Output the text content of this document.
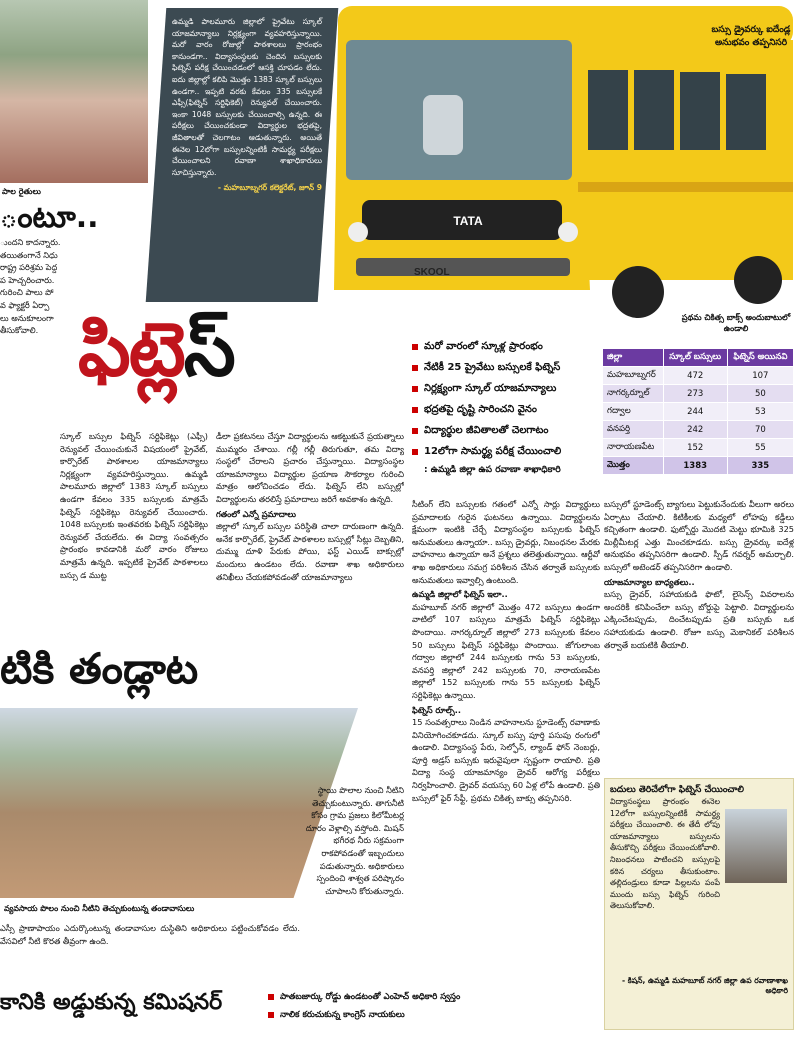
పాల రైతులు
ంటూ..
ుందని కాదన్నారు.
తయితంగానే నిధు
రాష్ట్ర పరిశ్రమ పెద్ద
ప హెచ్చరించారు.
గురించి పాలు పో
వ ఫ్యాక్టరీ ఏర్పా
లు అనుకూలంగా
తీసుకోవాలి.
ఉమ్మడి పాలమూరు జిల్లాలో ప్రైవేటు స్కూల్ యాజమాన్యాలు నిర్లక్ష్యంగా వ్యవహరిస్తున్నాయి. మరో వారం రోజుల్లో పాఠశాలలు ప్రారంభం కానుండగా.. విద్యాసంస్థలకు చెందిన బస్సులకు ఫిట్నెస్ పరీక్ష చేయించడంలో ఆసక్తి చూపడం లేదు. ఐదు జిల్లాల్లో కలిపి మొత్తం 1383 స్కూల్ బస్సులు ఉండగా.. ఇప్పటి వరకు కేవలం 335 బస్సులకే ఎఫ్సీ(ఫిట్నెస్ సర్టిఫికెట్) రెన్యువల్ చేయించారు. ఇంకా 1048 బస్సులకు చేయించాల్సి ఉన్నది. ఈ పరీక్షలు చేయించకుండా విద్యార్థుల భద్రతపై, జీవితాలతో చెలగాటం ఆడుతున్నారు. అయితే ఈనెల 12లోగా బస్సులన్నింటికీ సామర్థ్య పరీక్షలు చేయించాలని రవాణా శాఖాధికారులు సూచిస్తున్నారు.
- మహబూబ్నగర్ కలెక్టరేట్, జూన్ 9
TATA
SKOOL
బస్సు డ్రైవర్కు ఐదేండ్ల అనుభవం తప్పనిసరి
ప్రథమ చికిత్స బాక్స్ అందుబాటులో ఉండాలి
ఫిట్లెస్	మరో వారంలో స్కూళ్ల ప్రారంభం
నేటికీ 25 ప్రైవేటు బస్సులకే ఫిట్నెస్
నిర్లక్ష్యంగా స్కూల్ యాజమాన్యాలు
భద్రతపై దృష్టి సారించని వైనం
విద్యార్థుల జీవితాలతో చెలగాటం
12లోగా సామర్థ్య పరీక్ష చేయించాలి
: ఉమ్మడి జిల్లా ఉప రవాణా శాఖాధికారి
జిల్లా	స్కూల్ బస్సులు	ఫిట్నెస్ అయినవి
మహబూబ్నగర్	472	107
నాగర్కర్నూల్	273	50
గద్వాల	244	53
వనపర్తి	242	70
నారాయణపేట	152	55
మొత్తం	1383	335
స్కూల్ బస్సుల ఫిట్నెస్ సర్టిఫికెట్లు (ఎఫ్సీ) రెన్యువల్ చేయించుకునే విషయంలో ప్రైవేట్, కార్పొరేట్ పాఠశాలల యాజమాన్యాలు నిర్లక్ష్యంగా వ్యవహరిస్తున్నాయి. ఉమ్మడి పాలమూరు జిల్లాలో 1383 స్కూల్ బస్సులు ఉండగా కేవలం 335 బస్సులకు మాత్రమే ఫిట్నెస్ సర్టిఫికెట్లు రెన్యువల్ చేయించారు. 1048 బస్సులకు ఇంతవరకు ఫిట్నెస్ సర్టిఫికెట్లు రెన్యువల్ చేయలేదు. ఈ విద్యా సంవత్సరం ప్రారంభం కావడానికి మరో వారం రోజులు మాత్రమే ఉన్నది. ఇప్పటికే ప్రైవేట్ పాఠశాలలు బస్సు డ ముట్ట
డీలా ప్రకటనలు చేస్తూ విద్యార్థులను ఆకట్టుకునే ప్రయత్నాలు ముమ్మరం చేశాయి. గల్లీ గల్లీ తిరుగుతూ, తమ విద్యా సంస్థలో చేరాలని ప్రచారం చేస్తున్నాయి. విద్యాసంస్థల యాజమాన్యాలు విద్యార్థుల ప్రయాణ సౌకర్యాల గురించి మాత్రం ఆలోచించడం లేదు. ఫిట్నెస్ లేని బస్సుల్లో విద్యార్థులను తరలిస్తే ప్రమాదాలు జరిగే అవకాశం ఉన్నది.
గతంలో ఎన్నో ప్రమాదాలు
జిల్లాలో స్కూల్ బస్సుల పరిస్థితి చాలా దారుణంగా ఉన్నది. అనేక కార్పొరేట్, ప్రైవేట్ పాఠశాలల బస్సుల్లో సీట్లు దెబ్బతిని, దుమ్ము దూళి పేరుకు పోయి, ఫస్ట్ ఎయిడ్ బాక్సుల్లో మందులు ఉండటం లేదు. రవాణా శాఖ అధికారులు తనిఖీలు చేయకపోవడంతో యాజమాన్యాలు
సీటింగ్ లేని బస్సులకు గతంలో ఎన్నో సార్లు విద్యార్థులు ప్రమాదాలకు గురైన ఘటనలు ఉన్నాయి. విద్యార్థులను క్షేమంగా ఇంటికి చేర్చే విద్యాసంస్థల బస్సులకు ఫిట్నెస్ అనుమతులు ఉన్నాయా.. బస్సు డ్రైవర్లు, నిబంధనల మేరకు వాహనాలు ఉన్నాయా అనే ప్రశ్నలు తలెత్తుతున్నాయి. ఆర్టీవో శాఖ అధికారులు సమగ్ర పరిశీలన చేసిన తర్వాతే బస్సులకు అనుమతులు ఇవ్వాల్సి ఉంటుంది.
ఉమ్మడి జిల్లాలో ఫిట్నెస్ ఇలా..
మహబూబ్ నగర్ జిల్లాలో మొత్తం 472 బస్సులు ఉండగా వాటిలో 107 బస్సులు మాత్రమే ఫిట్నెస్ సర్టిఫికెట్లు పొందాయి. నాగర్కర్నూల్ జిల్లాలో 273 బస్సులకు కేవలం 50 బస్సులు ఫిట్నెస్ సర్టిఫికెట్లు పొందాయి. జోగులాంబ గద్వాల జిల్లాలో 244 బస్సులకు గాను 53 బస్సులకు, వనపర్తి జిల్లాలో 242 బస్సులకు 70, నారాయణపేట జిల్లాలో 152 బస్సులకు గాను 55 బస్సులకు ఫిట్నెస్ సర్టిఫికెట్లు ఉన్నాయి.
ఫిట్నెస్ రూల్స్..
15 సంవత్సరాలు నిండిన వాహనాలను స్టూడెంట్స్ రవాణాకు వినియోగించకూడదు. స్కూల్ బస్సు పూర్తి పసుపు రంగులో ఉండాలి. విద్యాసంస్థ పేరు, సెల్ఫోన్, ల్యాండ్ ఫోన్ నెంబర్లు, పూర్తి అడ్రస్ బస్సుకు ఇరువైపులా స్పష్టంగా రాయాలి. ప్రతి విద్యా సంస్థ యాజమాన్యం డ్రైవర్ ఆరోగ్య పరీక్షలు నిర్వహించాలి. డ్రైవర్ వయస్సు 60 ఏళ్ల లోపే ఉండాలి. ప్రతి బస్సులో ఫైర్ సేఫ్టీ, ప్రథమ చికిత్స బాక్సు తప్పనిసరి.
బస్సులో స్టూడెంట్స్ బ్యాగులు పెట్టుకునేందుకు వీలుగా అరలు ఏర్పాటు చేయాలి. కిటికీలకు మధ్యలో లోహపు కడ్డీలు కచ్చితంగా ఉండాలి. ఫుట్బోర్డు మొదటి మెట్టు భూమికి 325 మిల్లీమీటర్ల ఎత్తు మించకూడదు. బస్సు డ్రైవర్కు ఐదేళ్ల అనుభవం తప్పనిసరిగా ఉండాలి. స్పీడ్ గవర్నర్ అమర్చాలి. బస్సులో అటెండర్ తప్పనిసరిగా ఉండాలి.
యాజమాన్యాల బాధ్యతలు..
బస్సు డ్రైవర్, సహాయకుడి ఫొటో, లైసెన్స్ వివరాలను అందరికీ కనిపించేలా బస్సు బోర్డుపై పెట్టాలి. విద్యార్థులను ఎక్కించేటప్పుడు, దించేటప్పుడు ప్రతి బస్సుకు ఒక సహాయకుడు ఉండాలి. రోజూ బస్సు మెకానికల్ పరిశీలన తర్వాతే బయటికి తీయాలి.
బదులు తెరిచేలోగా ఫిట్నెస్ చేయించాలి
విద్యాసంస్థలు ప్రారంభం ఈనెల 12లోగా బస్సులన్నింటికీ సామర్థ్య పరీక్షలు చేయించాలి. ఈ తేదీ లోపు యాజమాన్యాలు బస్సులను తీసుకొచ్చి పరీక్షలు చేయించుకోవాలి. నిబంధనలు పాటించని బస్సులపై కఠిన చర్యలు తీసుకుంటాం. తల్లిదండ్రులు కూడా పిల్లలను పంపే ముందు బస్సు ఫిట్నెస్ గురించి తెలుసుకోవాలి.
- కిషన్, ఉమ్మడి మహబూబ్ నగర్ జిల్లా ఉప రవాణాశాఖ అధికారి
టికి తండ్లాట
వ్యవసాయ పొలం నుంచి నీటిని తెచ్చుకుంటున్న తండావాసులు
స్థాయి పొలాల నుంచి నీటిని తెచ్చుకుంటున్నారు. తాగునీటి కోసం గ్రామ ప్రజలు కిలోమీటర్ల దూరం వెళ్లాల్సి వస్తోంది. మిషన్ భగీరథ నీరు సక్రమంగా రాకపోవడంతో ఇబ్బందులు పడుతున్నారు. అధికారులు స్పందించి శాశ్వత పరిష్కారం చూపాలని కోరుతున్నారు.
ఎస్సీ ప్రాణాపాయం ఎదుర్కొంటున్న తండావాసుల దుస్థితిని అధికారులు పట్టించుకోవడం లేదు. వేసవిలో నీటి కొరత తీవ్రంగా ఉంది.
కానికి అడ్డుకున్న కమిషనర్	పాతబజార్కు రోడ్డు ఉండటంతో ఎంహెచ్ అధికారి స్వస్తం
నాలిక కరుచుకున్న కాంగ్రెస్ నాయకులు
